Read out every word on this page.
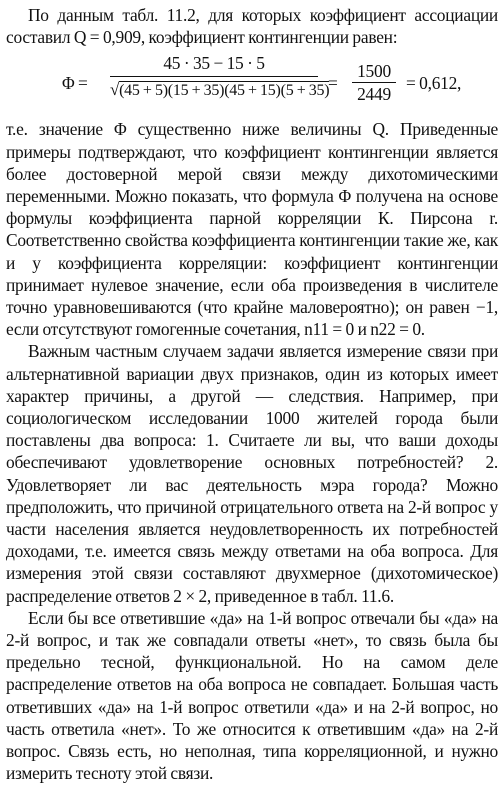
По данным табл. 11.2, для которых коэффициент ассоциации составил Q = 0,909, коэффициент контингенции равен:

Φ =
45 · 35 − 15 · 5
√(45 + 5)(15 + 35)(45 + 15)(5 + 35)
=
1500
2449
= 0,612,

т.е. значение Φ существенно ниже величины Q. Приведенные примеры подтверждают, что коэффициент контингенции является более достоверной мерой связи между дихотомическими переменными. Можно показать, что формула Φ получена на основе формулы коэффициента парной корреляции К. Пирсона r. Соответственно свойства коэффициента контингенции такие же, как и у коэффициента корреляции: коэффициент контингенции принимает нулевое значение, если оба произведения в числителе точно уравновешиваются (что крайне маловероятно); он равен −1, если отсутствуют гомогенные сочетания, n11 = 0 и n22 = 0.

Важным частным случаем задачи является измерение связи при альтернативной вариации двух признаков, один из которых имеет характер причины, а другой — следствия. Например, при социологическом исследовании 1000 жителей города были поставлены два вопроса: 1. Считаете ли вы, что ваши доходы обеспечивают удовлетворение основных потребностей? 2. Удовлетворяет ли вас деятельность мэра города? Можно предположить, что причиной отрицательного ответа на 2-й вопрос у части населения является неудовлетворенность их потребностей доходами, т.е. имеется связь между ответами на оба вопроса. Для измерения этой связи составляют двухмерное (дихотомическое) распределение ответов 2 × 2, приведенное в табл. 11.6.

Если бы все ответившие «да» на 1-й вопрос отвечали бы «да» на 2-й вопрос, и так же совпадали ответы «нет», то связь была бы предельно тесной, функциональной. Но на самом деле распределение ответов на оба вопроса не совпадает. Большая часть ответивших «да» на 1-й вопрос ответили «да» и на 2-й вопрос, но часть ответила «нет». То же относится к ответившим «да» на 2-й вопрос. Связь есть, но неполная, типа корреляционной, и нужно измерить тесноту этой связи.
